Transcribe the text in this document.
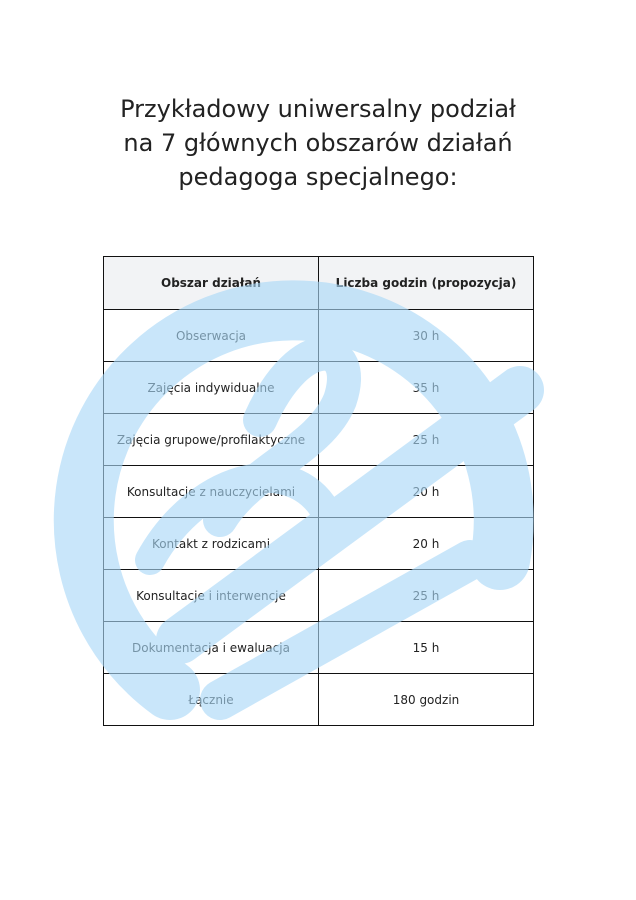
Przykładowy uniwersalny podział
na 7 głównych obszarów działań
pedagoga specjalnego:
Obszar działań	Liczba godzin (propozycja)
Obserwacja	30 h
Zajęcia indywidualne	35 h
Zajęcia grupowe/profilaktyczne	25 h
Konsultacje z nauczycielami	20 h
Kontakt z rodzicami	20 h
Konsultacje i interwencje	25 h
Dokumentacja i ewaluacja	15 h
Łącznie	180 godzin
